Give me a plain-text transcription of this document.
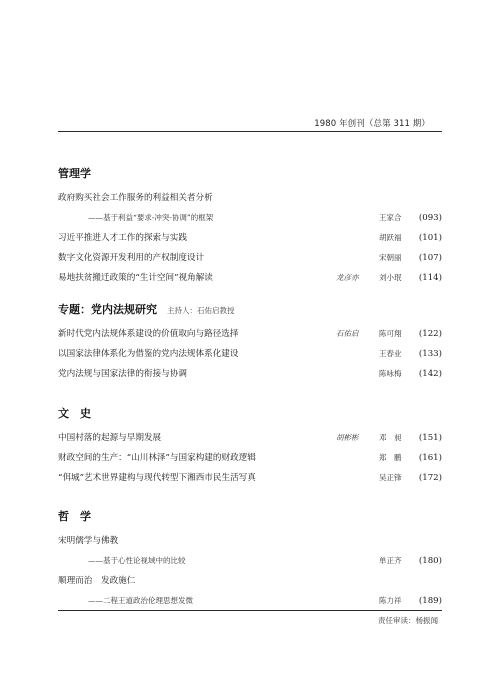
1980 年创刊（总第 311 期）
管理学
政府购买社会工作服务的利益相关者分析
——基于利益“要求-冲突-协调”的框架	王家合 (093)
习近平推进人才工作的探索与实践	胡跃福 (101)
数字文化资源开发利用的产权制度设计	宋朝丽 (107)
易地扶贫搬迁政策的“生计空间”视角解读	龙彦亦	刘小珉 (114)
专题：党内法规研究 主持人：石佑启教授
新时代党内法规体系建设的价值取向与路径选择	石佑启	陈可翔 (122)
以国家法律体系化为借鉴的党内法规体系化建设	王春业 (133)
党内法规与国家法律的衔接与协调	陈咏梅 (142)
文　史
中国村落的起源与早期发展	胡彬彬	邓　昶 (151)
财政空间的生产：“山川林泽”与国家构建的财政逻辑	郑　鹏 (161)
“佴城”艺术世界建构与现代转型下湘西市民生活写真	吴正锋 (172)
哲　学
宋明儒学与佛教
——基于心性论视域中的比较	单正齐 (180)
顺理而治　发政施仁
——二程王道政治伦理思想发微	陈力祥 (189)
责任审读：杨振闻
